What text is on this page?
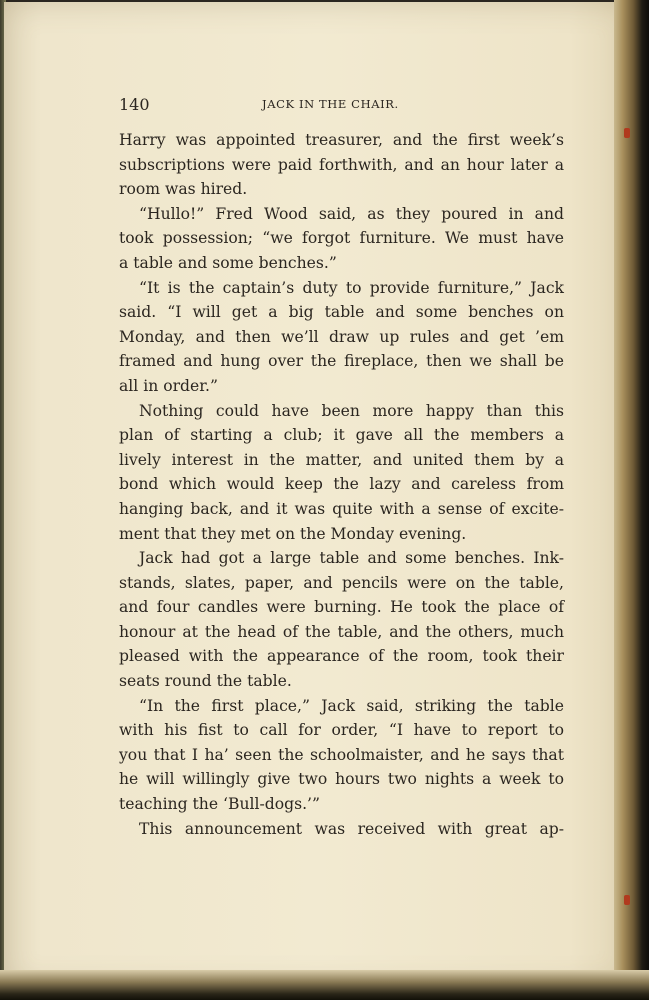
140	JACK IN THE CHAIR.
Harry was appointed treasurer, and the first week’s
subscriptions were paid forthwith, and an hour later a
room was hired.
“Hullo!” Fred Wood said, as they poured in and
took possession; “we forgot furniture. We must have
a table and some benches.”
“It is the captain’s duty to provide furniture,” Jack
said. “I will get a big table and some benches on
Monday, and then we’ll draw up rules and get ’em
framed and hung over the fireplace, then we shall be
all in order.”
Nothing could have been more happy than this
plan of starting a club; it gave all the members a
lively interest in the matter, and united them by a
bond which would keep the lazy and careless from
hanging back, and it was quite with a sense of excite-
ment that they met on the Monday evening.
Jack had got a large table and some benches. Ink-
stands, slates, paper, and pencils were on the table,
and four candles were burning. He took the place of
honour at the head of the table, and the others, much
pleased with the appearance of the room, took their
seats round the table.
“In the first place,” Jack said, striking the table
with his fist to call for order, “I have to report to
you that I ha’ seen the schoolmaister, and he says that
he will willingly give two hours two nights a week to
teaching the ‘Bull-dogs.’”
This announcement was received with great ap-
